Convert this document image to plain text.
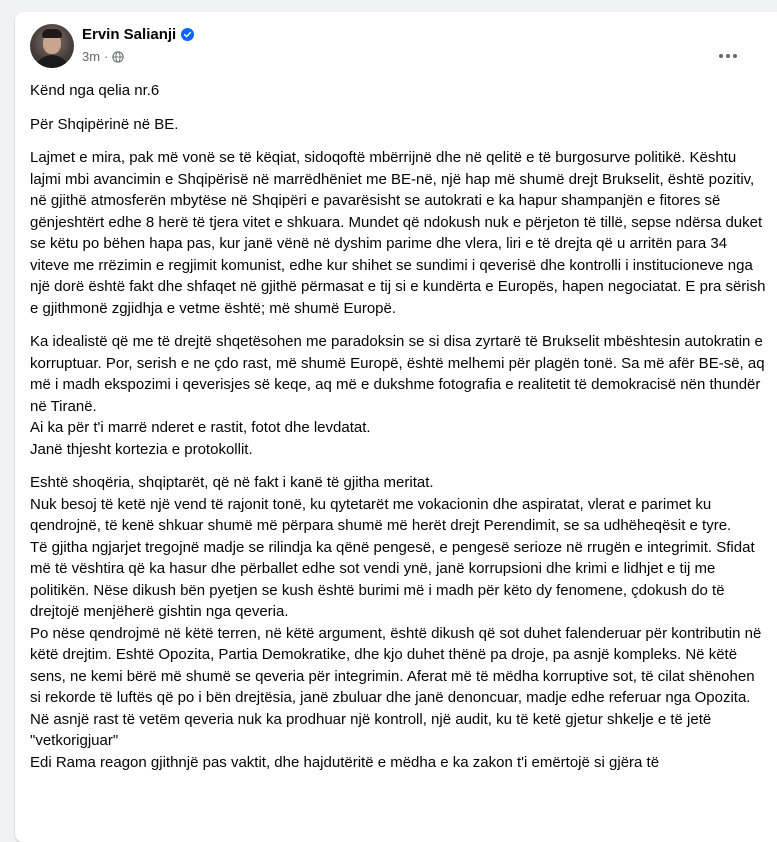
Ervin Salianji
3m ·
Kënd nga qelia nr.6
Për Shqipërinë në BE.
Lajmet e mira, pak më vonë se të këqiat, sidoqoftë mbërrijnë dhe në qelitë e të burgosurve politikë. Kështu lajmi mbi avancimin e Shqipërisë në marrëdhëniet me BE-në, një hap më shumë drejt Brukselit, është pozitiv, në gjithë atmosferën mbytëse në Shqipëri e pavarësisht se autokrati e ka hapur shampanjën e fitores së gënjeshtërt edhe 8 herë të tjera vitet e shkuara. Mundet që ndokush nuk e përjeton të tillë, sepse ndërsa duket se këtu po bëhen hapa pas, kur janë vënë në dyshim parime dhe vlera, liri e të drejta që u arritën para 34 viteve me rrëzimin e regjimit komunist, edhe kur shihet se sundimi i qeverisë dhe kontrolli i institucioneve nga një dorë është fakt dhe shfaqet në gjithë përmasat e tij si e kundërta e Europës, hapen negociatat. E pra sërish e gjithmonë zgjidhja e vetme është; më shumë Europë.
Ka idealistë që me të drejtë shqetësohen me paradoksin se si disa zyrtarë të Brukselit mbështesin autokratin e korruptuar. Por, serish e ne çdo rast, më shumë Europë, është melhemi për plagën tonë. Sa më afër BE-së, aq më i madh ekspozimi i qeverisjes së keqe, aq më e dukshme fotografia e realitetit të demokracisë nën thundër në Tiranë.
Ai ka për t'i marrë nderet e rastit, fotot dhe levdatat.
Janë thjesht kortezia e protokollit.
Eshtë shoqëria, shqiptarët, që në fakt i kanë të gjitha meritat.
Nuk besoj të ketë një vend të rajonit tonë, ku qytetarët me vokacionin dhe aspiratat, vlerat e parimet ku qendrojnë, të kenë shkuar shumë më përpara shumë më herët drejt Perendimit, se sa udhëheqësit e tyre.
Të gjitha ngjarjet tregojnë madje se rilindja ka qënë pengesë, e pengesë serioze në rrugën e integrimit. Sfidat më të vështira që ka hasur dhe përballet edhe sot vendi ynë, janë korrupsioni dhe krimi e lidhjet e tij me politikën. Nëse dikush bën pyetjen se kush është burimi më i madh për këto dy fenomene, çdokush do të drejtojë menjëherë gishtin nga qeveria.
Po nëse qendrojmë në këtë terren, në këtë argument, është dikush që sot duhet falenderuar për kontributin në këtë drejtim. Eshtë Opozita, Partia Demokratike, dhe kjo duhet thënë pa droje, pa asnjë kompleks. Në këtë sens, ne kemi bërë më shumë se qeveria për integrimin. Aferat më të mëdha korruptive sot, të cilat shënohen si rekorde të luftës që po i bën drejtësia, janë zbuluar dhe janë denoncuar, madje edhe referuar nga Opozita. Në asnjë rast të vetëm qeveria nuk ka prodhuar një kontroll, një audit, ku të ketë gjetur shkelje e të jetë "vetkorigjuar"
Edi Rama reagon gjithnjë pas vaktit, dhe hajdutëritë e mëdha e ka zakon t'i emërtojë si gjëra të
